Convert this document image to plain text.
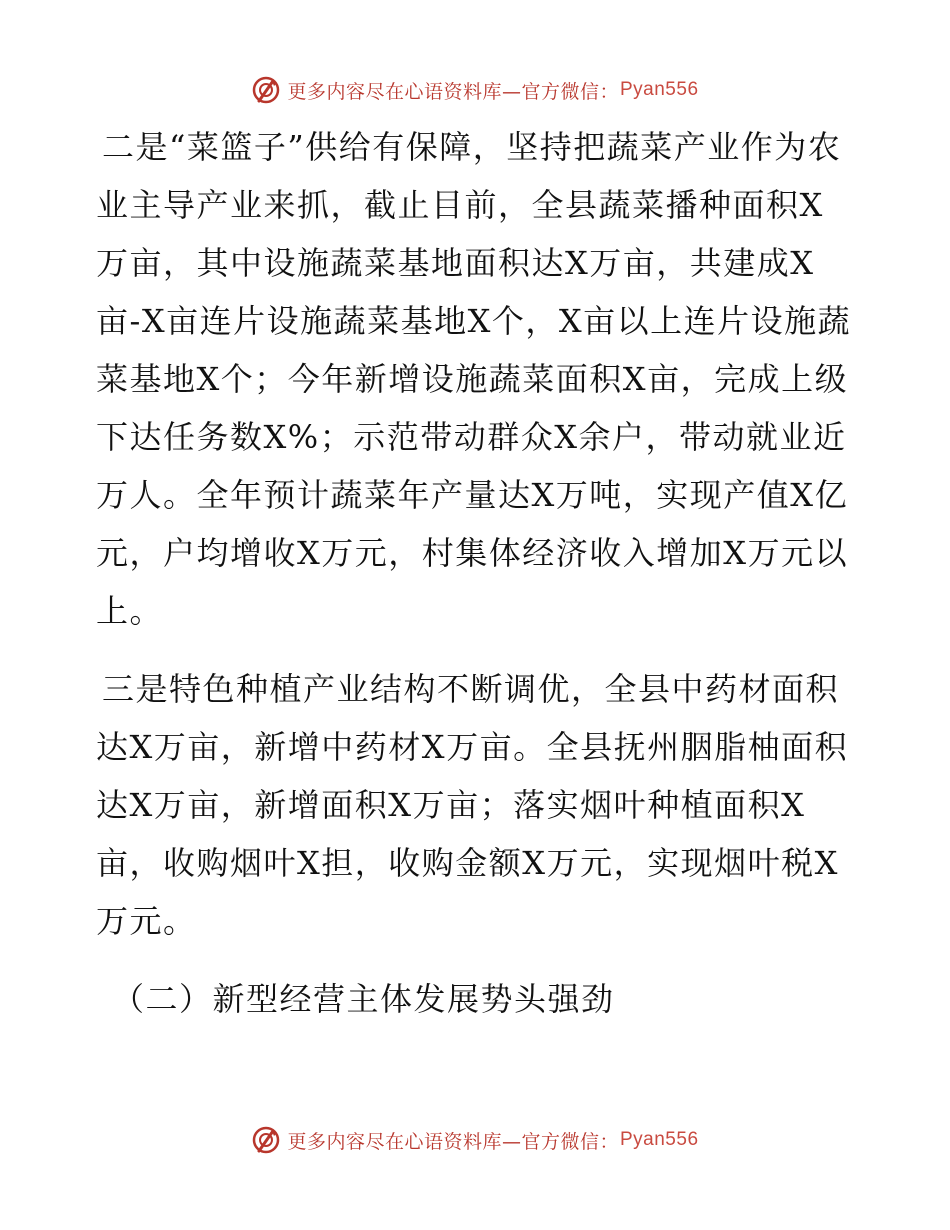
更多内容尽在心语资料库—官方微信： Pyan556

二是“菜篮子”供给有保障，坚持把蔬菜产业作为农业主导产业来抓，截止目前，全县蔬菜播种面积X万亩，其中设施蔬菜基地面积达X万亩，共建成X亩-X亩连片设施蔬菜基地X个，X亩以上连片设施蔬菜基地X个；今年新增设施蔬菜面积X亩，完成上级下达任务数X%；示范带动群众X余户，带动就业近万人。全年预计蔬菜年产量达X万吨，实现产值X亿元，户均增收X万元，村集体经济收入增加X万元以上。

三是特色种植产业结构不断调优，全县中药材面积达X万亩，新增中药材X万亩。全县抚州胭脂柚面积达X万亩，新增面积X万亩；落实烟叶种植面积X亩，收购烟叶X担，收购金额X万元，实现烟叶税X万元。

（二）新型经营主体发展势头强劲

更多内容尽在心语资料库—官方微信： Pyan556
